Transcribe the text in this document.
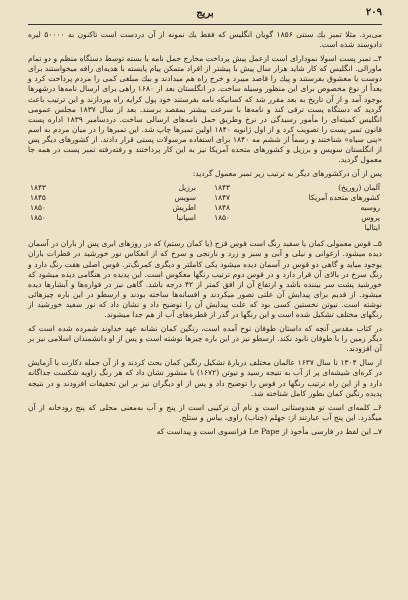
۲۰۹
بریج

می‌برد. مثلا تمبر یك سنتی ۱۸۵۶ گویان انگلیس که فقط یك نمونه از آن دردست است تاکنون به ۵۰۰۰۰ لیره دادوستد شده است.

۴ــ تمبر پست اسولا نمودارای است ازعمل پیش پرداخت مخارج حمل نامه یا بسته توسط دستگاه منظم و دو تمام ماورالی. انگلیس که کار شاید هزار سال پیش با پیشتر از افراد متمکن پیام پایسته با هدیه‌ای رافه میخواستند برای دوست یا معشوق بفرستند و پیك را قاصد میبرد و خرج راه هم میدادند و بیك مبلغی کمی را مردم پرداخت کرد و بعداً از نوع مخصوص برای این منظور وسیله ساخت. در انگلستان بعد از ۱۶۸۰ راهی برای ارسال نامه‌ها درشهرها بوجود آمد و از آن تاریخ به بعد مقرر شد که کسانیکه نامه بفرستند خود پول کرایه راه بپردازند و این ترتیب باعث گردید که دستگاه پست ترقی کند و نامه‌ها با سرعت بیشتر بمقصد برسند. بعد از سال ۱۸۳۷ مجلس عمومی انگلیس کمیته‌ای را مأمور رسیدگی در نرخ وطریق حمل نامه‌های ارسالی ساخت. دردسامبر ۱۸۳۹ اداره پست قانون تمبر پست را تصویب کرد و از اول ژانویه ۱۸۴۰ اولین تمبرها چاپ شد. این تمبرها را در میان مردم به اسم «پنی سیاه» شناختند و رسماً از ششم مه ۱۸۴۰ برای استفاده مرسولات پستی قرار دادند. از کشورهای دیگر پس از انگلستان سویس و برزیل و کشورهای متحده آمریکا نیز به این کار پرداختند و رفته‌رفته تمبر پست در همه جا معمول گردید.

پس از آن درکشورهای دیگر به ترتیب زیر تمبر معمول گردید:

آلمان (زوریخ)	۱۸۴۳		برزیل	۱۸۴۳
کشورهای متحده آمریکا	۱۸۴۷		سویس	۱۸۴۵
روسیه	۱۸۴۸		اطریش	۱۸۵۰
پروس	۱۸۵۰		اسپانیا	۱۸۵۰
ایتالیا				

۵ــ قوس معمولی کمان یا سفید رنگ است قوس قزح (یا کمان رستم) که در روزهای ابری پس از باران در آسمان دیده میشود. ارغوانی و نیلی و آبی و سبز و زرد و نارنجی و سرخ که از انعکاس نور خورشید در قطرات باران بوجود میاید و گاهی دو قوس در آسمان دیده میشود یکی کاملتر و دیگری کمرنگ‌تر. قوس اصلی هفت رنگ دارد و رنگ سرخ در بالای آن قرار دارد و در قوس دوم ترتیب رنگها معکوس است. این پدیده در هنگامی دیده میشود که خورشید پشت سر بیننده باشد و ارتفاع آن از افق کمتر از ۴۲ درجه باشد. گاهی نیز در فواره‌ها و آبشارها دیده میشود. از قدیم برای پیدایش آن علتی تصور میکردند و افسانه‌ها ساخته بودند و ارسطو در این باره چیزهائی نوشته است. نیوتن نخستین کسی بود که علت پیدایش آن را توضیح داد و نشان داد که نور سفید خورشید از رنگهای مختلف تشکیل شده است و این رنگها در گذر از قطره‌های آب از هم جدا میشوند.

در کتاب مقدس آنچه که داستان طوفان نوح آمده است، رنگین کمان نشانه عهد خداوند شمرده شده است که دیگر زمین را با طوفان نابود نکند. ارسطو نیز در این باره چیزها نوشته است و پس از او دانشمندان اسلامی نیز بر آن افزودند.

از سال ۱۳۰۴ تا سال ۱۶۳۷ عالمان مختلف دربارهٔ تشکیل رنگین کمان بحث کردند و از آن جمله دکارت با آزمایش در کره‌ای شیشه‌ای پر از آب به نتیجه رسید و نیوتن (۱۶۷۲) با منشور نشان داد که هر رنگ زاویه شکست جداگانه دارد و از این راه ترتیب رنگها در قوس را توضیح داد و پس از او دیگران نیز بر این تحقیقات افزودند و در نتیجه پدیده رنگین کمان بطور کامل شناخته شد.

۶ــ کلمه‌ای است تو هندوستانی است و نام آن ترکیبی است از پنج و آب به‌معنی محلی که پنج رودخانه از آن میگذرد. این پنج آب عبارتند از: جهلم (چناب) راوی، بیاس و ستلج.

۷ــ این لفظ در فارسی مأخوذ از Le Pape فرانسوی است و پیداست که
